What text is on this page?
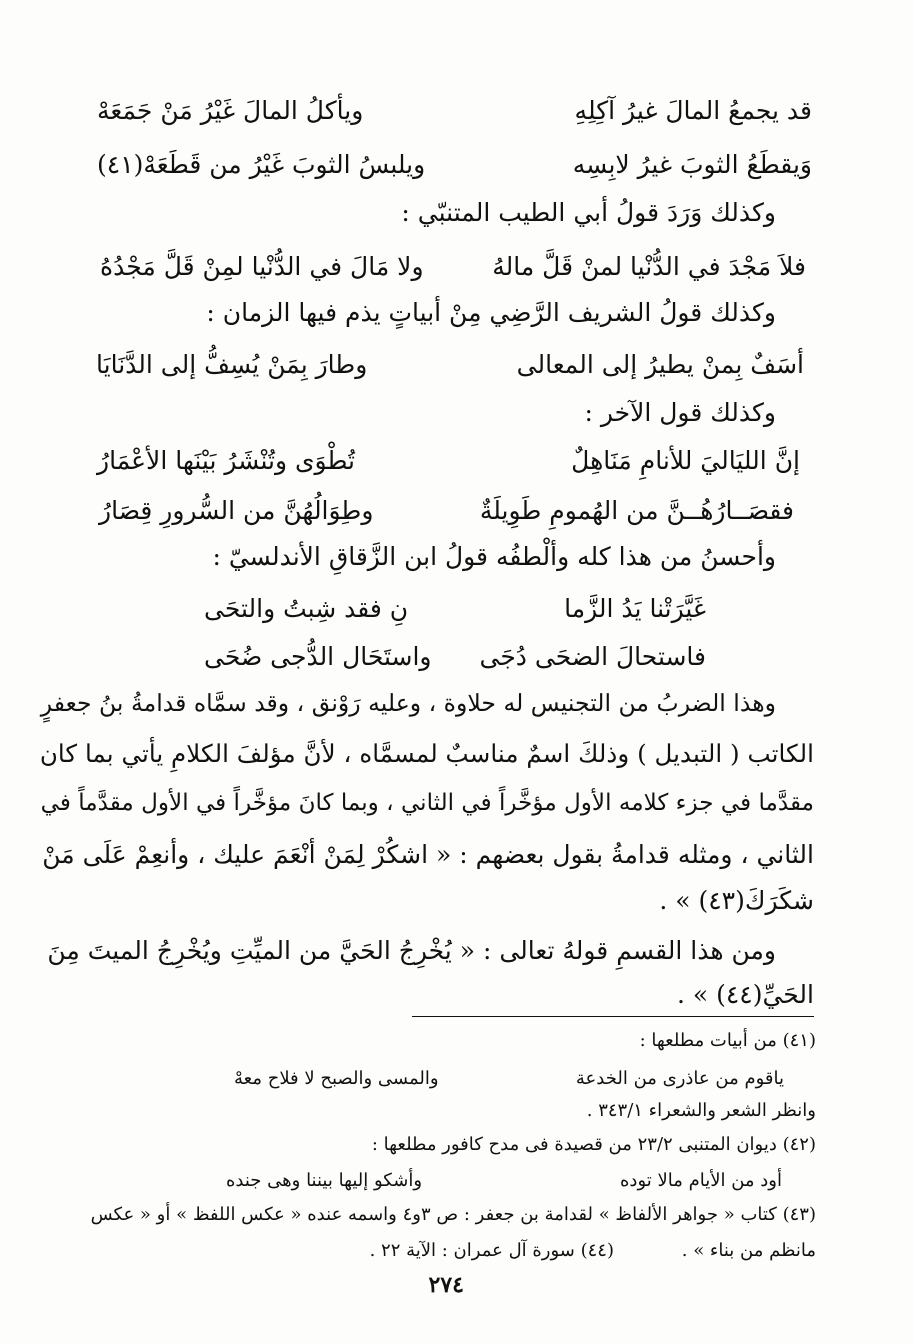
قد يجمعُ المالَ غيرُ آكِلِهِ
ويأكلُ المالَ غَيْرُ مَنْ جَمَعَهْ
وَيقطَعُ الثوبَ غيرُ لابِسِه
ويلبسُ الثوبَ غَيْرُ من قَطَعَهْ(٤١)
وكذلك وَرَدَ قولُ أبي الطيب المتنبّي :
فلاَ مَجْدَ في الدُّنْيا لمنْ قَلَّ مالهُ
ولا مَالَ في الدُّنْيا لمِنْ قَلَّ مَجْدُهُ
وكذلك قولُ الشريف الرَّضِي مِنْ أبياتٍ يذم فيها الزمان :
أسَفٌ بِمنْ يطيرُ إلى المعالى
وطارَ بِمَنْ يُسِفُّ إلى الدَّنَايَا
وكذلك قول الآخر :
إنَّ الليَاليَ للأنامِ مَنَاهِلٌ
تُطْوَى وتُنْشَرُ بَيْنَها الأعْمَارُ
فقصَــارُهُــنَّ من الهُمومِ طَوِيلَةٌ
وطِوَالُهُنَّ من السُّرورِ قِصَارُ
وأحسنُ من هذا كله وألْطفُه قولُ ابن الزَّقاقِ الأندلسيّ :
غَيَّرَتْنا يَدُ الزَّما
نِ فقد شِبتُ والتحَى
فاستحالَ الضحَى دُجَى
واستَحَال الدُّجى ضُحَى
وهذا الضربُ من التجنيس له حلاوة ، وعليه رَوْنق ، وقد سمَّاه قدامةُ بنُ جعفرٍ
الكاتب ( التبديل ) وذلكَ اسمٌ مناسبٌ لمسمَّاه ، لأنَّ مؤلفَ الكلامِ يأتي بما كان
مقدَّما في جزء كلامه الأول مؤخَّراً في الثاني ، وبما كانَ مؤخَّراً في الأول مقدَّماً في
الثاني ، ومثله قدامةُ بقول بعضهم : « اشكُرْ لِمَنْ أنْعَمَ عليك ، وأنعِمْ عَلَى مَنْ
شكَرَكَ(٤٣) » .
ومن هذا القسمِ قولهُ تعالى : « يُخْرِجُ الحَيَّ من الميِّتِ ويُخْرِجُ الميتَ مِنَ
الحَيِّ(٤٤) » .
(٤١) من أبيات مطلعها :
ياقوم من عاذرى من الخدعة
والمسى والصبح لا فلاح معهْ
وانظر الشعر والشعراء ٣٤٣/١ .
(٤٢) ديوان المتنبى ٢٣/٢ من قصيدة فى مدح كافور مطلعها :
أود من الأيام مالا توده
وأشكو إليها بيننا وهى جنده
(٤٣) كتاب « جواهر الألفاظ » لقدامة بن جعفر : ص ٣و٤ واسمه عنده « عكس اللفظ » أو « عكس
مانظم من بناء » .
(٤٤) سورة آل عمران : الآية ٢٢ .
٢٧٤
